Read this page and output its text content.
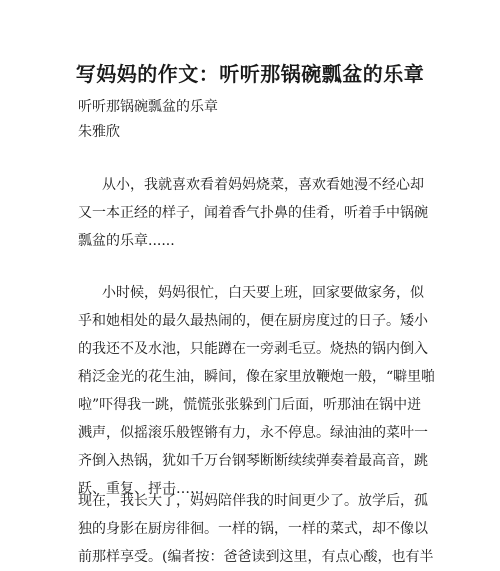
写妈妈的作文：听听那锅碗瓢盆的乐章

听听那锅碗瓢盆的乐章

朱雅欣

从小，我就喜欢看着妈妈烧菜，喜欢看她漫不经心却
又一本正经的样子，闻着香气扑鼻的佳肴，听着手中锅碗
瓢盆的乐章......

小时候，妈妈很忙，白天要上班，回家要做家务，似
乎和她相处的最久最热闹的，便在厨房度过的日子。矮小
的我还不及水池，只能蹲在一旁剥毛豆。烧热的锅内倒入
稍泛金光的花生油，瞬间，像在家里放鞭炮一般，“噼里啪
啦”吓得我一跳，慌慌张张躲到门后面，听那油在锅中迸
溅声，似摇滚乐般铿锵有力，永不停息。绿油油的菜叶一
齐倒入热锅，犹如千万台钢琴断断续续弹奏着最高音，跳
跃、重复、抨击……

现在，我长大了，妈妈陪伴我的时间更少了。放学后，孤
独的身影在厨房徘徊。一样的锅，一样的菜式，却不像以
前那样享受。(编者按：爸爸读到这里，有点心酸，也有半
